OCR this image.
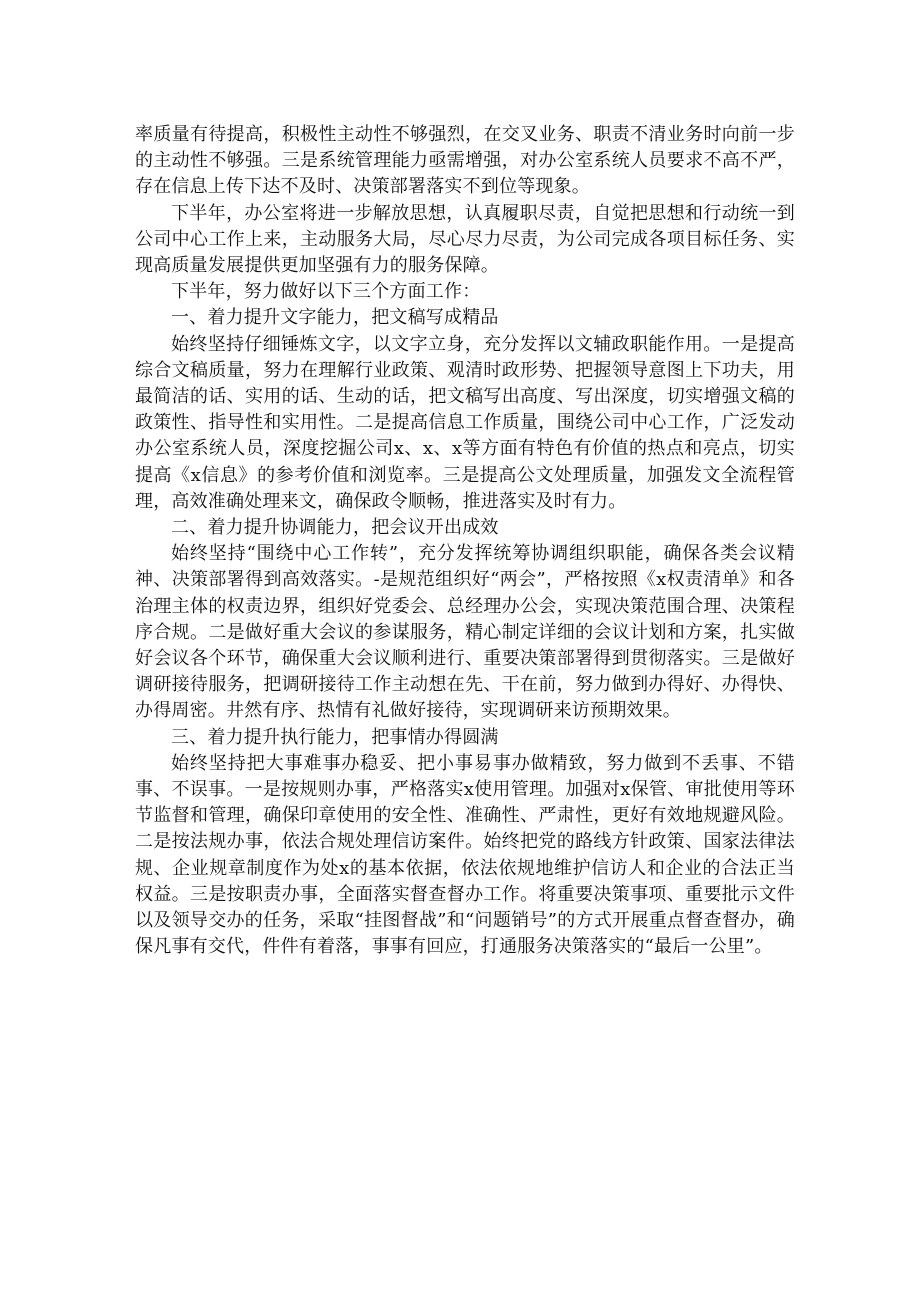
率质量有待提高，积极性主动性不够强烈，在交叉业务、职责不清业务时向前一步的主动性不够强。三是系统管理能力亟需增强，对办公室系统人员要求不高不严，存在信息上传下达不及时、决策部署落实不到位等现象。

下半年，办公室将进一步解放思想，认真履职尽责，自觉把思想和行动统一到公司中心工作上来，主动服务大局，尽心尽力尽责，为公司完成各项目标任务、实现高质量发展提供更加坚强有力的服务保障。

下半年，努力做好以下三个方面工作：

一、着力提升文字能力，把文稿写成精品

始终坚持仔细锤炼文字，以文字立身，充分发挥以文辅政职能作用。一是提高综合文稿质量，努力在理解行业政策、观清时政形势、把握领导意图上下功夫，用最简洁的话、实用的话、生动的话，把文稿写出高度、写出深度，切实增强文稿的政策性、指导性和实用性。二是提高信息工作质量，围绕公司中心工作，广泛发动办公室系统人员，深度挖掘公司x、x、x等方面有特色有价值的热点和亮点，切实提高《x信息》的参考价值和浏览率。三是提高公文处理质量，加强发文全流程管理，高效准确处理来文，确保政令顺畅，推进落实及时有力。

二、着力提升协调能力，把会议开出成效

始终坚持“围绕中心工作转”，充分发挥统筹协调组织职能，确保各类会议精神、决策部署得到高效落实。-是规范组织好“两会”，严格按照《x权责清单》和各治理主体的权责边界，组织好党委会、总经理办公会，实现决策范围合理、决策程序合规。二是做好重大会议的参谋服务，精心制定详细的会议计划和方案，扎实做好会议各个环节，确保重大会议顺利进行、重要决策部署得到贯彻落实。三是做好调研接待服务，把调研接待工作主动想在先、干在前，努力做到办得好、办得快、办得周密。井然有序、热情有礼做好接待，实现调研来访预期效果。

三、着力提升执行能力，把事情办得圆满

始终坚持把大事难事办稳妥、把小事易事办做精致，努力做到不丢事、不错事、不误事。一是按规则办事，严格落实x使用管理。加强对x保管、审批使用等环节监督和管理，确保印章使用的安全性、准确性、严肃性，更好有效地规避风险。二是按法规办事，依法合规处理信访案件。始终把党的路线方针政策、国家法律法规、企业规章制度作为处x的基本依据，依法依规地维护信访人和企业的合法正当权益。三是按职责办事，全面落实督查督办工作。将重要决策事项、重要批示文件以及领导交办的任务，采取“挂图督战”和“问题销号”的方式开展重点督查督办，确保凡事有交代，件件有着落，事事有回应，打通服务决策落实的“最后一公里”。
